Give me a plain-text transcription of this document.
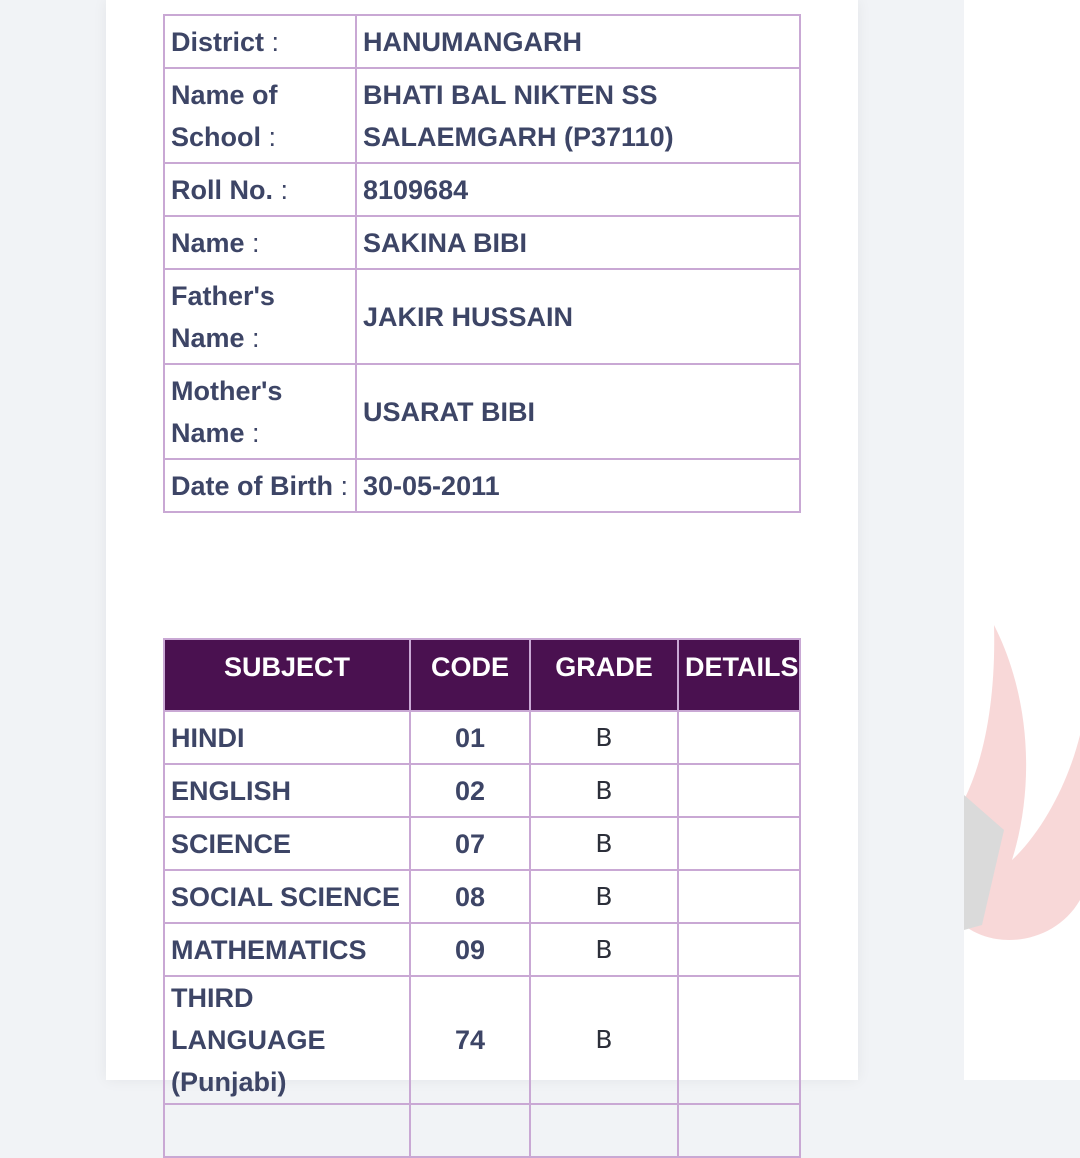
District :	HANUMANGARH
Name of School :	BHATI BAL NIKTEN SS SALAEMGARH (P37110)
Roll No. :	8109684
Name :	SAKINA BIBI
Father's Name :	JAKIR HUSSAIN
Mother's Name :	USARAT BIBI
Date of Birth :	30-05-2011
SUBJECT	CODE	GRADE	DETAILS
HINDI	01	B	
ENGLISH	02	B	
SCIENCE	07	B	
SOCIAL SCIENCE	08	B	
MATHEMATICS	09	B	
THIRD LANGUAGE (Punjabi)	74	B	
